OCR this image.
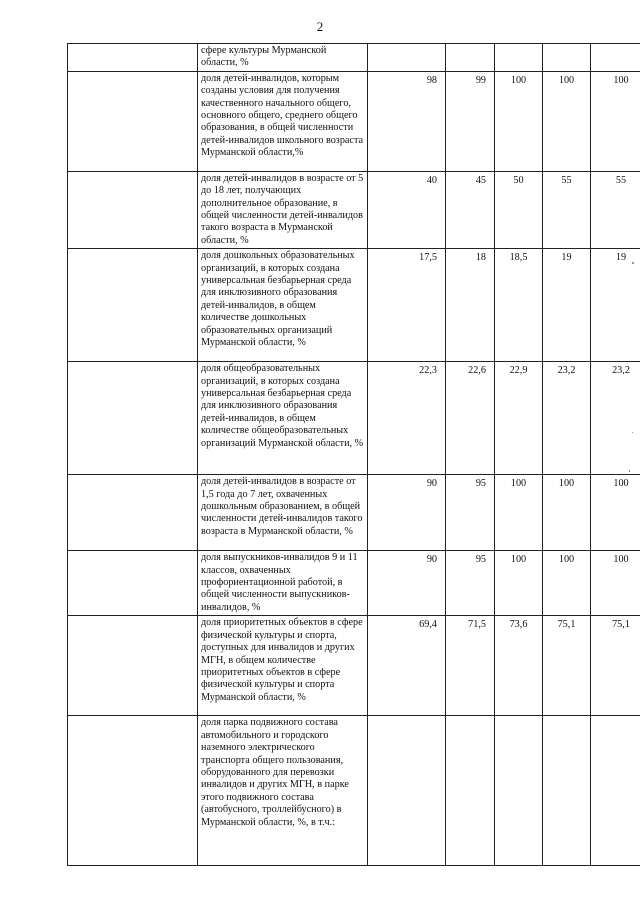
2
	сфере культуры Мурманской области, %					
	доля детей-инвалидов, которым созданы условия для получения качественного начального общего, основного общего, среднего общего образования, в общей численности детей-инвалидов школьного возраста Мурманской области,%	98	99	100	100	100
	доля детей-инвалидов в возрасте от 5 до 18 лет, получающих дополнительное образование, в общей численности детей-инвалидов такого возраста в Мурманской области, %	40	45	50	55	55
	доля дошкольных образовательных организаций, в которых создана универсальная безбарьерная среда для инклюзивного образования детей-инвалидов, в общем количестве дошкольных образовательных организаций Мурманской области, %	17,5	18	18,5	19	19
	доля общеобразовательных организаций, в которых создана универсальная безбарьерная среда для инклюзивного образования детей-инвалидов, в общем количестве общеобразовательных организаций Мурманской области, %	22,3	22,6	22,9	23,2	23,2
	доля детей-инвалидов в возрасте от 1,5 года до 7 лет, охваченных дошкольным образованием, в общей численности детей-инвалидов такого возраста в Мурманской области, %	90	95	100	100	100
	доля выпускников-инвалидов 9 и 11 классов, охваченных профориентационной работой, в общей численности выпускников-инвалидов, %	90	95	100	100	100
	доля приоритетных объектов в сфере физической культуры и спорта, доступных для инвалидов и других МГН, в общем количестве приоритетных объектов в сфере физической культуры и спорта Мурманской области, %	69,4	71,5	73,6	75,1	75,1
	доля парка подвижного состава автомобильного и городского наземного электрического транспорта общего пользования, оборудованного для перевозки инвалидов и других МГН, в парке этого подвижного состава (автобусного, троллейбусного) в Мурманской области, %, в т.ч.:					
